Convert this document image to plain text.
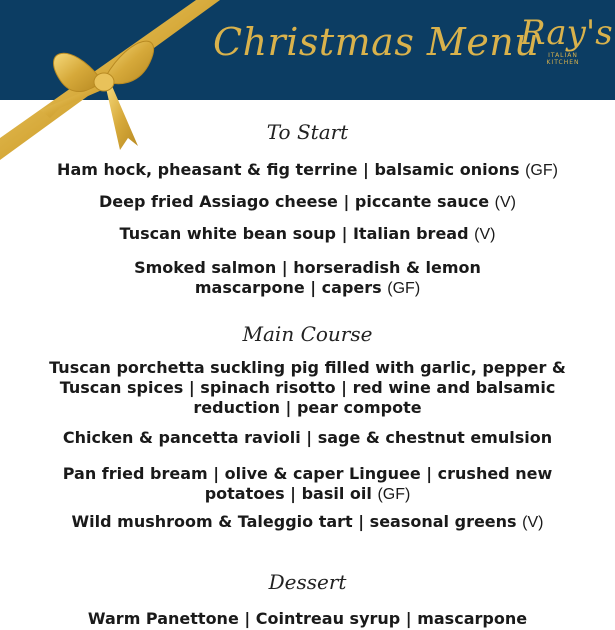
Christmas Menu
Ray's
ITALIAN
KITCHEN
To Start
Ham hock, pheasant & fig terrine | balsamic onions (GF)
Deep fried Assiago cheese | piccante sauce (V)
Tuscan white bean soup | Italian bread (V)
Smoked salmon | horseradish & lemon
mascarpone | capers (GF)
Main Course
Tuscan porchetta suckling pig filled with garlic, pepper &
Tuscan spices | spinach risotto | red wine and balsamic
reduction | pear compote
Chicken & pancetta ravioli | sage & chestnut emulsion
Pan fried bream | olive & caper Linguee | crushed new
potatoes | basil oil (GF)
Wild mushroom & Taleggio tart | seasonal greens (V)
Dessert
Warm Panettone | Cointreau syrup | mascarpone
